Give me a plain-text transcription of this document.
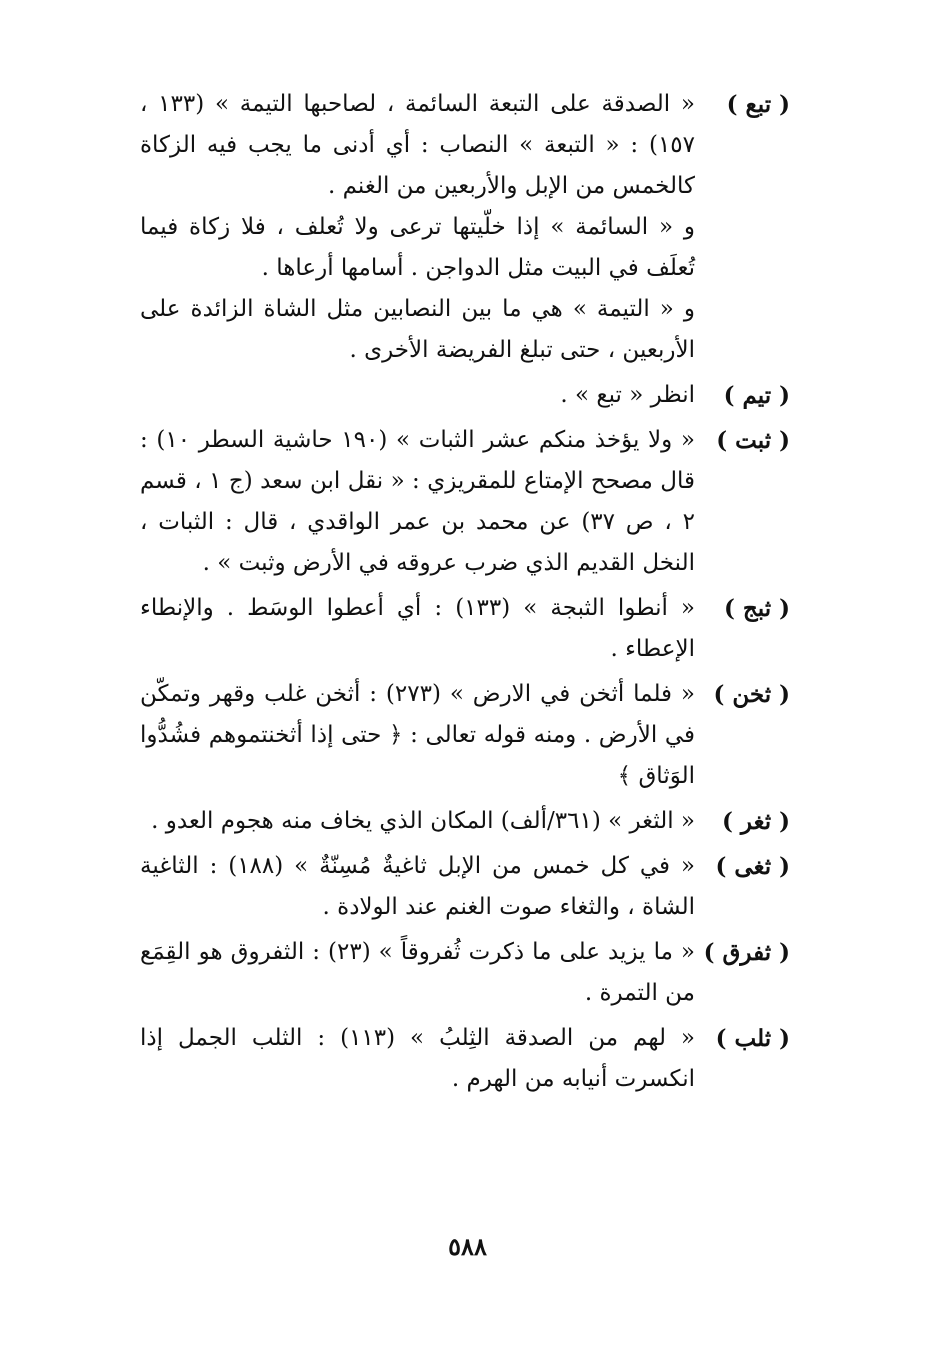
( تبع )

« الصدقة على التبعة السائمة ، لصاحبها التيمة » (١٣٣ ، ١٥٧) : « التبعة » النصاب : أي أدنى ما يجب فيه الزكاة كالخمس من الإبل والأربعين من الغنم .

و « السائمة » إذا خلّيتها ترعى ولا تُعلف ، فلا زكاة فيما تُعلَف في البيت مثل الدواجن . أسامها أرعاها .

و « التيمة » هي ما بين النصابين مثل الشاة الزائدة على الأربعين ، حتى تبلغ الفريضة الأخرى .

( تيم )

انظر « تبع » .

( ثبت )

« ولا يؤخذ منكم عشر الثبات » (١٩٠ حاشية السطر ١٠) : قال مصحح الإمتاع للمقريزي : « نقل ابن سعد (ج ١ ، قسم ٢ ، ص ٣٧) عن محمد بن عمر الواقدي ، قال : الثبات ، النخل القديم الذي ضرب عروقه في الأرض وثبت » .

( ثبج )

« أنطوا الثبجة » (١٣٣) : أي أعطوا الوسَط . والإنطاء الإعطاء .

( ثخن )

« فلما أثخن في الارض » (٢٧٣) : أثخن غلب وقهر وتمكّن في الأرض . ومنه قوله تعالى : ﴿ حتى إذا أثخنتموهم فشُدُّوا الوَثاق ﴾

( ثغر )

« الثغر » (٣٦١/ألف) المكان الذي يخاف منه هجوم العدو .

( ثغى )

« في كل خمس من الإبل ثاغيةٌ مُسِنّةٌ » (١٨٨) : الثاغية الشاة ، والثغاء صوت الغنم عند الولادة .

( ثفرق )

« ما يزيد على ما ذكرت ثُفروقاً » (٢٣) : الثفروق هو القِمَع من التمرة .

( ثلب )

« لهم من الصدقة الثِلبُ » (١١٣) : الثلب الجمل إذا انكسرت أنيابه من الهرم .

٥٨٨
